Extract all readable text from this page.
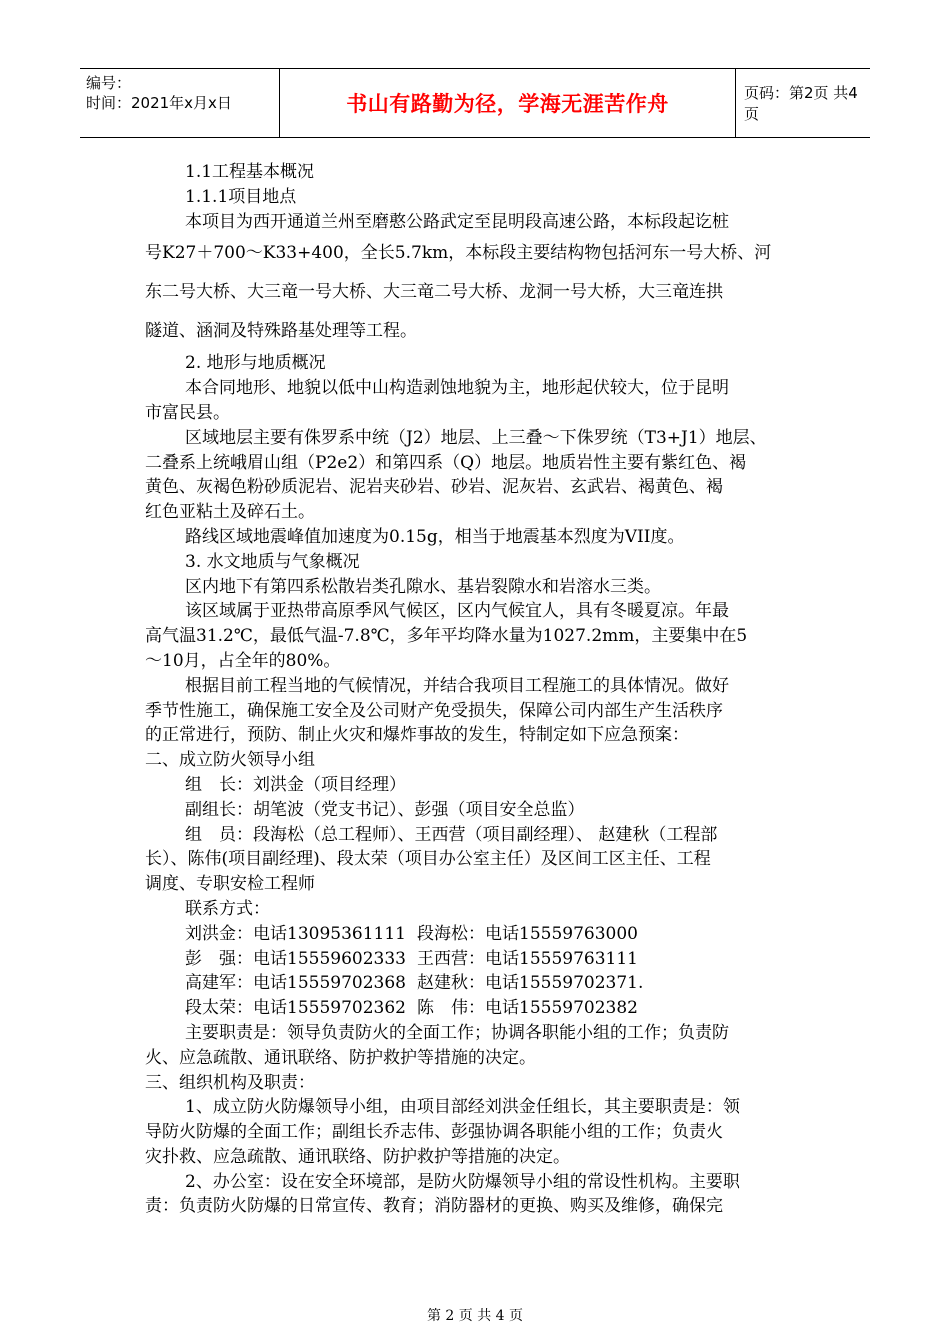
编号：
时间：2021年x月x日	书山有路勤为径，学海无涯苦作舟	页码：第2页 共4页
1.1工程基本概况
1.1.1项目地点
本项目为西开通道兰州至磨憨公路武定至昆明段高速公路，本标段起讫桩
号K27＋700～K33+400，全长5.7km，本标段主要结构物包括河东一号大桥、河
东二号大桥、大三竜一号大桥、大三竜二号大桥、龙洞一号大桥，大三竜连拱
隧道、涵洞及特殊路基处理等工程。
2. 地形与地质概况
本合同地形、地貌以低中山构造剥蚀地貌为主，地形起伏较大，位于昆明
市富民县。
区域地层主要有侏罗系中统（J2）地层、上三叠～下侏罗统（T3+J1）地层、
二叠系上统峨眉山组（P2e2）和第四系（Q）地层。地质岩性主要有紫红色、褐
黄色、灰褐色粉砂质泥岩、泥岩夹砂岩、砂岩、泥灰岩、玄武岩、褐黄色、褐
红色亚粘土及碎石土。
路线区域地震峰值加速度为0.15g，相当于地震基本烈度为VII度。
3. 水文地质与气象概况
区内地下有第四系松散岩类孔隙水、基岩裂隙水和岩溶水三类。
该区域属于亚热带高原季风气候区，区内气候宜人，具有冬暖夏凉。年最
高气温31.2℃，最低气温-7.8℃，多年平均降水量为1027.2mm，主要集中在5
～10月，占全年的80%。
根据目前工程当地的气候情况，并结合我项目工程施工的具体情况。做好
季节性施工，确保施工安全及公司财产免受损失，保障公司内部生产生活秩序
的正常进行，预防、制止火灾和爆炸事故的发生，特制定如下应急预案：
二、成立防火领导小组
组　长：刘洪金（项目经理）
副组长：胡笔波（党支书记）、彭强（项目安全总监）
组　员：段海松（总工程师）、王西营（项目副经理）、 赵建秋（工程部
长）、陈伟(项目副经理)、段太荣（项目办公室主任）及区间工区主任、工程
调度、专职安检工程师
联系方式：
刘洪金：电话13095361111 段海松：电话15559763000
彭　强：电话15559602333 王西营：电话15559763111
高建军：电话15559702368 赵建秋：电话15559702371.
段太荣：电话15559702362 陈　伟：电话15559702382
主要职责是：领导负责防火的全面工作；协调各职能小组的工作；负责防
火、应急疏散、通讯联络、防护救护等措施的决定。
三、组织机构及职责：
1、成立防火防爆领导小组，由项目部经刘洪金任组长，其主要职责是：领
导防火防爆的全面工作；副组长乔志伟、彭强协调各职能小组的工作；负责火
灾扑救、应急疏散、通讯联络、防护救护等措施的决定。
2、办公室：设在安全环境部，是防火防爆领导小组的常设性机构。主要职
责：负责防火防爆的日常宣传、教育；消防器材的更换、购买及维修，确保完
第 2 页 共 4 页
